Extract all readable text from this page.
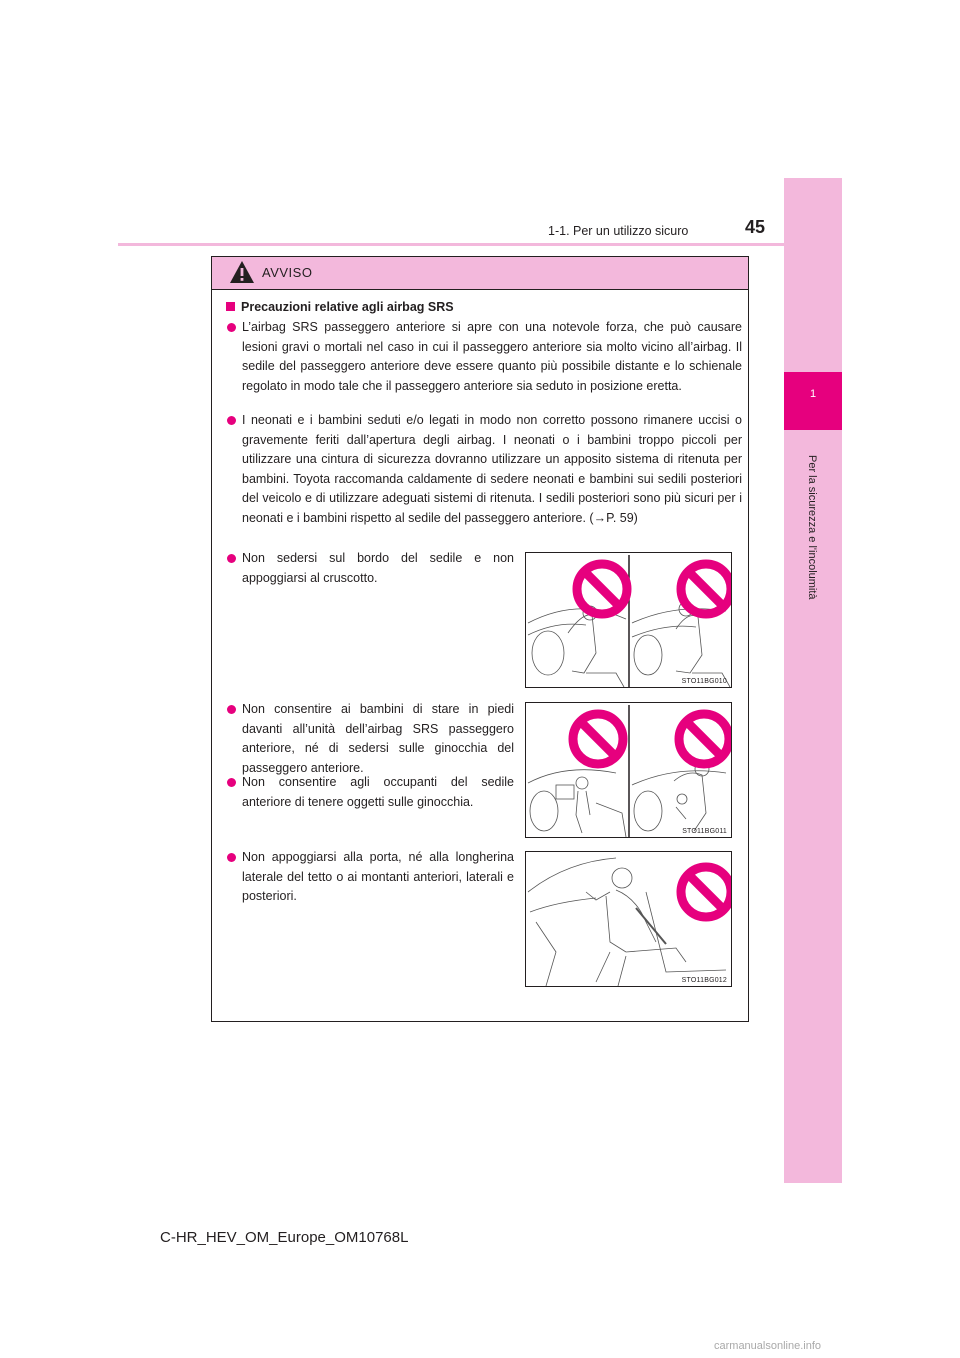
1
Per la sicurezza e l'incolumità
1-1. Per un utilizzo sicuro	45
AVVISO
Precauzioni relative agli airbag SRS
L’airbag SRS passeggero anteriore si apre con una notevole forza, che può causare lesioni gravi o mortali nel caso in cui il passeggero anteriore sia molto vicino all’airbag. Il sedile del passeggero anteriore deve essere quanto più possibile distante e lo schienale regolato in modo tale che il passeggero anteriore sia seduto in posizione eretta.
I neonati e i bambini seduti e/o legati in modo non corretto possono rimanere uccisi o gravemente feriti dall’apertura degli airbag. I neonati o i bambini troppo piccoli per utilizzare una cintura di sicurezza dovranno utilizzare un apposito sistema di ritenuta per bambini. Toyota raccomanda caldamente di sedere neonati e bambini sui sedili posteriori del veicolo e di utilizzare adeguati sistemi di ritenuta. I sedili posteriori sono più sicuri per i neonati e i bambini rispetto al sedile del passeggero anteriore. (→P. 59)
Non sedersi sul bordo del sedile e non appoggiarsi al cruscotto.
Non consentire ai bambini di stare in piedi davanti all’unità dell’airbag SRS passeggero anteriore, né di sedersi sulle ginocchia del passeggero anteriore.
Non consentire agli occupanti del sedile anteriore di tenere oggetti sulle ginocchia.
Non appoggiarsi alla porta, né alla longherina laterale del tetto o ai montanti anteriori, laterali e posteriori.
STO11BG010
STO11BG011
STO11BG012
C-HR_HEV_OM_Europe_OM10768L
carmanualsonline.info
